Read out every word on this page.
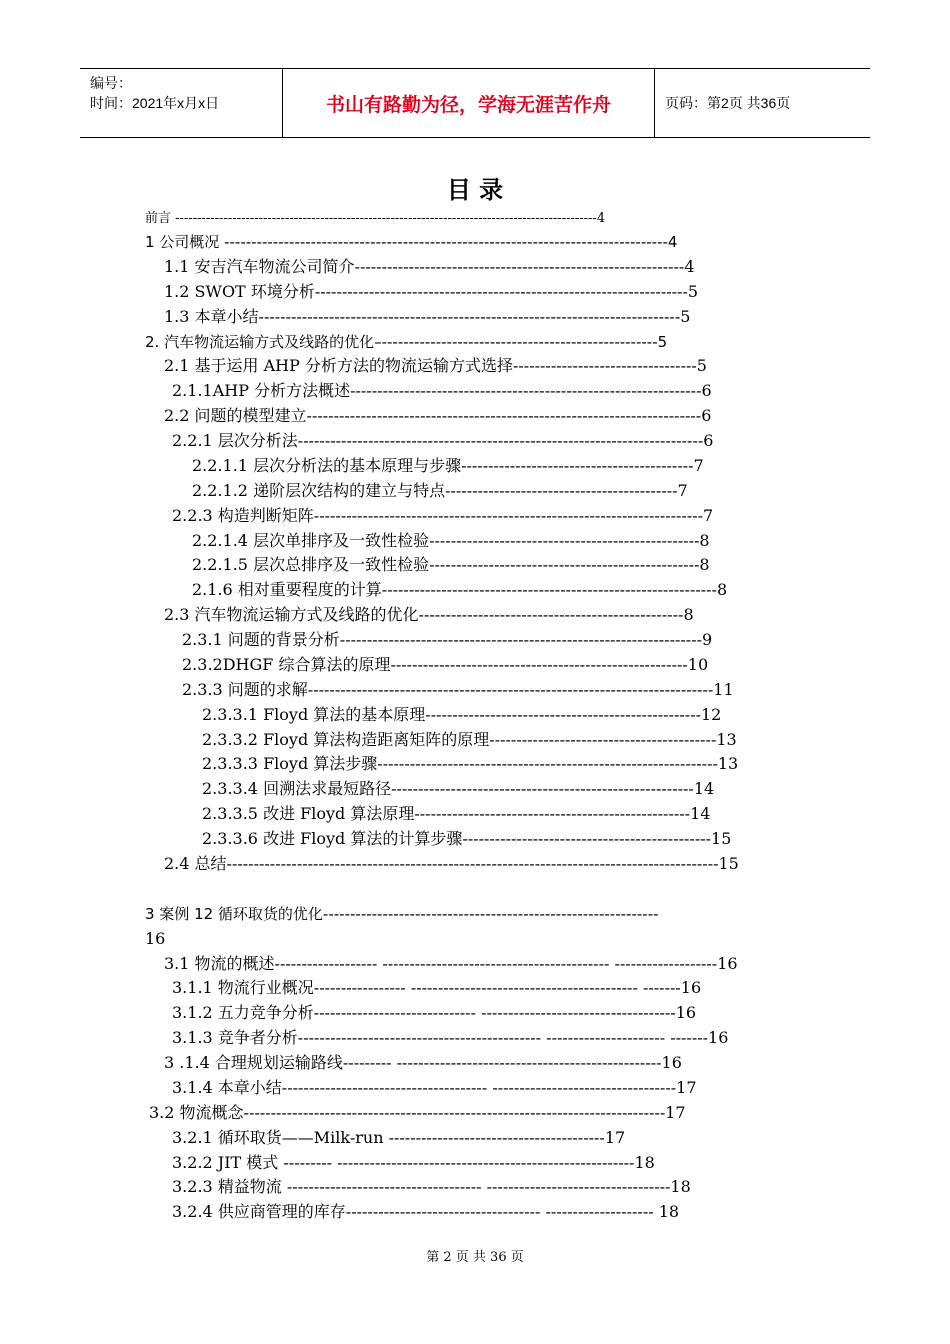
编号：
时间：2021年x月x日	书山有路勤为径，学海无涯苦作舟	页码：第2页 共36页
目 录
前言 ------------------------------------------------------------------------------------------------4
1 公司概况 ----------------------------------------------------------------------------------4
1.1 安吉汽车物流公司简介-------------------------------------------------------------4
1.2 SWOT 环境分析---------------------------------------------------------------------5
1.3 本章小结------------------------------------------------------------------------------5
2. 汽车物流运输方式及线路的优化–---------------------------------------------------5
2.1 基于运用 AHP 分析方法的物流运输方式选择----------------------------------5
2.1.1AHP 分析方法概述-----------------------------------------------------------------6
2.2 问题的模型建立-------------------------------------------------------------------------6
2.2.1 层次分析法---------------------------------------------------------------------------6
2.2.1.1 层次分析法的基本原理与步骤-------------------------------------------7
2.2.1.2 递阶层次结构的建立与特点-------------------------------------------7
2.2.3 构造判断矩阵------------------------------------------------------------------------7
2.2.1.4 层次单排序及一致性检验--------------------------------------------------8
2.2.1.5 层次总排序及一致性检验--------------------------------------------------8
2.1.6 相对重要程度的计算--------------------------------------------------------------8
2.3 汽车物流运输方式及线路的优化-------------------------------------------------8
2.3.1 问题的背景分析-------------------------------------------------------------------9
2.3.2DHGF 综合算法的原理-------------------------------------------------------10
2.3.3 问题的求解---------------------------------------------------------------------------11
2.3.3.1 Floyd 算法的基本原理---------------------------------------------------12
2.3.3.2 Floyd 算法构造距离矩阵的原理------------------------------------------13
2.3.3.3 Floyd 算法步骤---------------------------------------------------------------13
2.3.3.4 回溯法求最短路径--------------------------------------------------------14
2.3.3.5 改进 Floyd 算法原理---------------------------------------------------14
2.3.3.6 改进 Floyd 算法的计算步骤----------------------------------------------15
2.4 总结-------------------------------------------------------------------------------------------15
3 案例 12 循环取货的优化--------------------------------------------------------------
16
3.1 物流的概述------------------- ------------------------------------------ -------------------16
3.1.1 物流行业概况----------------- ------------------------------------------ -------16
3.1.2 五力竞争分析------------------------------ ------------------------------------16
3.1.3 竞争者分析--------------------------------------------- ---------------------- -------16
3 .1.4 合理规划运输路线--------- -------------------------------------------------16
3.1.4 本章小结-------------------------------------- ----------------------------------17
3.2 物流概念------------------------------------------------------------------------------17
3.2.1 循环取货——Milk-run ----------------------------------------17
3.2.2 JIT 模式 --------- -------------------------------------------------------18
3.2.3 精益物流 ------------------------------------ ----------------------------------18
3.2.4 供应商管理的库存------------------------------------ -------------------- 18
第 2 页 共 36 页
